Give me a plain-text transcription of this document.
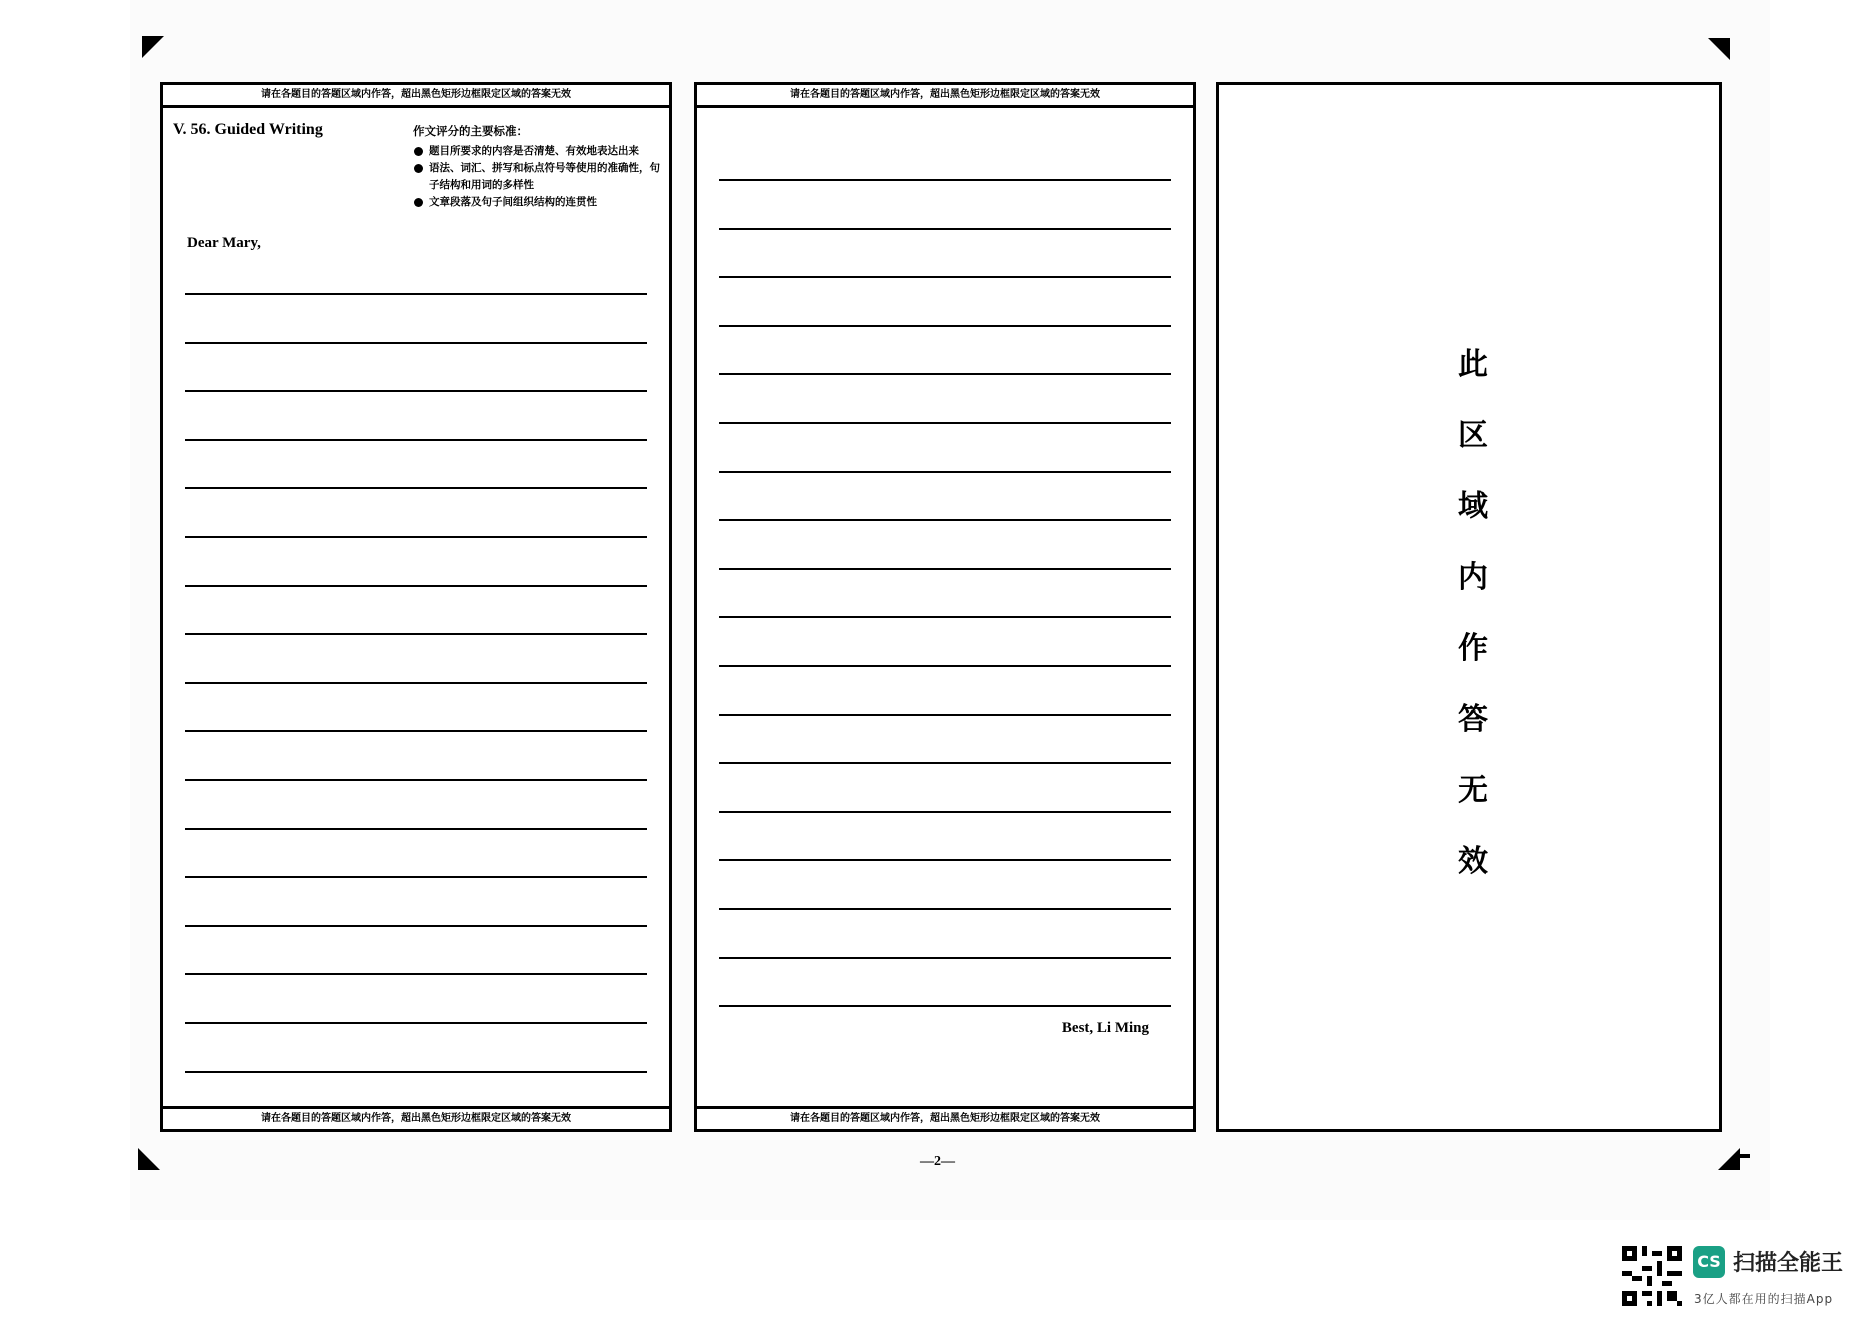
请在各题目的答题区域内作答，超出黑色矩形边框限定区域的答案无效
V. 56. Guided Writing	作文评分的主要标准：
题目所要求的内容是否清楚、有效地表达出来
语法、词汇、拼写和标点符号等使用的准确性，句子结构和用词的多样性
文章段落及句子间组织结构的连贯性
Dear Mary,
请在各题目的答题区域内作答，超出黑色矩形边框限定区域的答案无效
请在各题目的答题区域内作答，超出黑色矩形边框限定区域的答案无效
Best, Li Ming
请在各题目的答题区域内作答，超出黑色矩形边框限定区域的答案无效
此
区
域
内
作
答
无
效
—2—
CS 扫描全能王
3亿人都在用的扫描App
